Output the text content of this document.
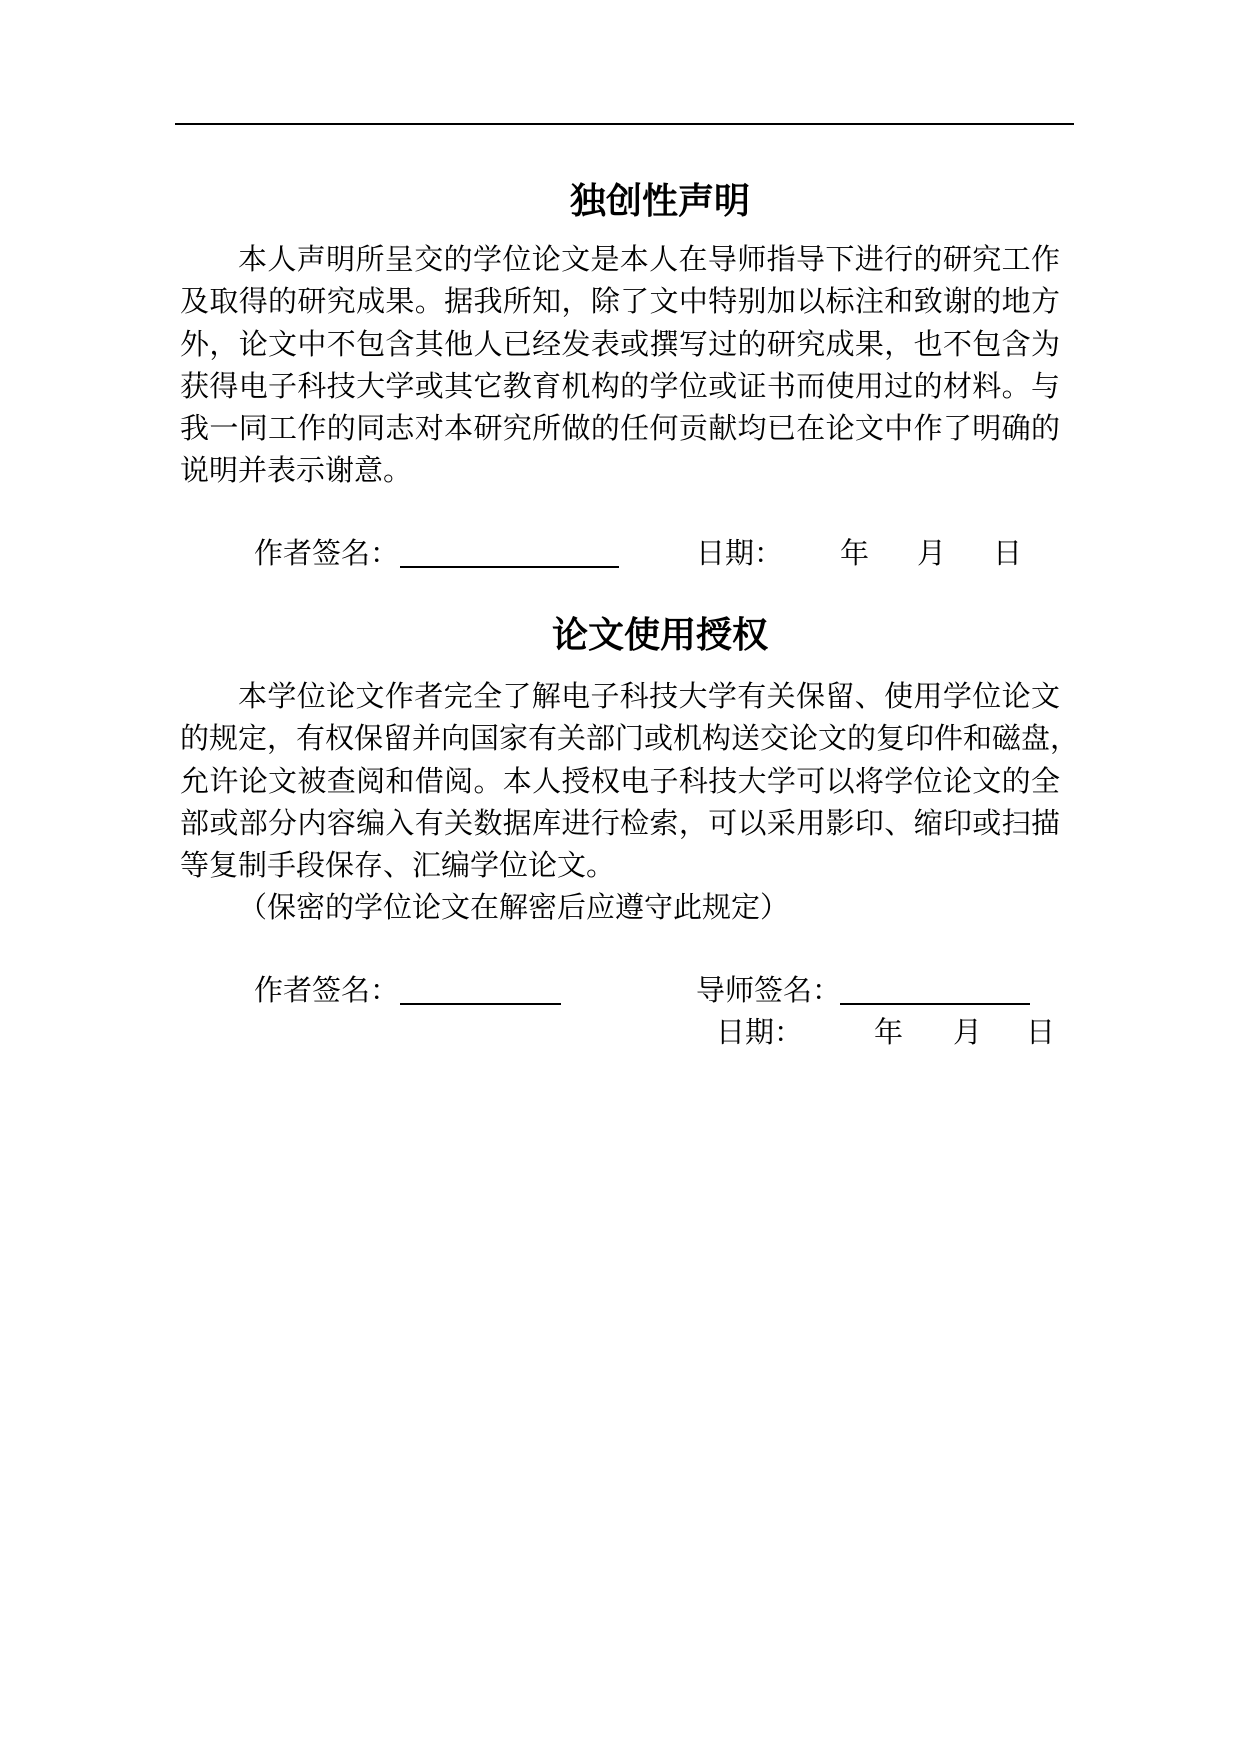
独创性声明
本人声明所呈交的学位论文是本人在导师指导下进行的研究工作
及取得的研究成果。据我所知，除了文中特别加以标注和致谢的地方
外，论文中不包含其他人已经发表或撰写过的研究成果，也不包含为
获得电子科技大学或其它教育机构的学位或证书而使用过的材料。与
我一同工作的同志对本研究所做的任何贡献均已在论文中作了明确的
说明并表示谢意。
作者签名：	日期： 年 月 日
论文使用授权
本学位论文作者完全了解电子科技大学有关保留、使用学位论文
的规定，有权保留并向国家有关部门或机构送交论文的复印件和磁盘，
允许论文被查阅和借阅。本人授权电子科技大学可以将学位论文的全
部或部分内容编入有关数据库进行检索，可以采用影印、缩印或扫描
等复制手段保存、汇编学位论文。
（保密的学位论文在解密后应遵守此规定）
作者签名：	导师签名：
日期： 年 月 日
